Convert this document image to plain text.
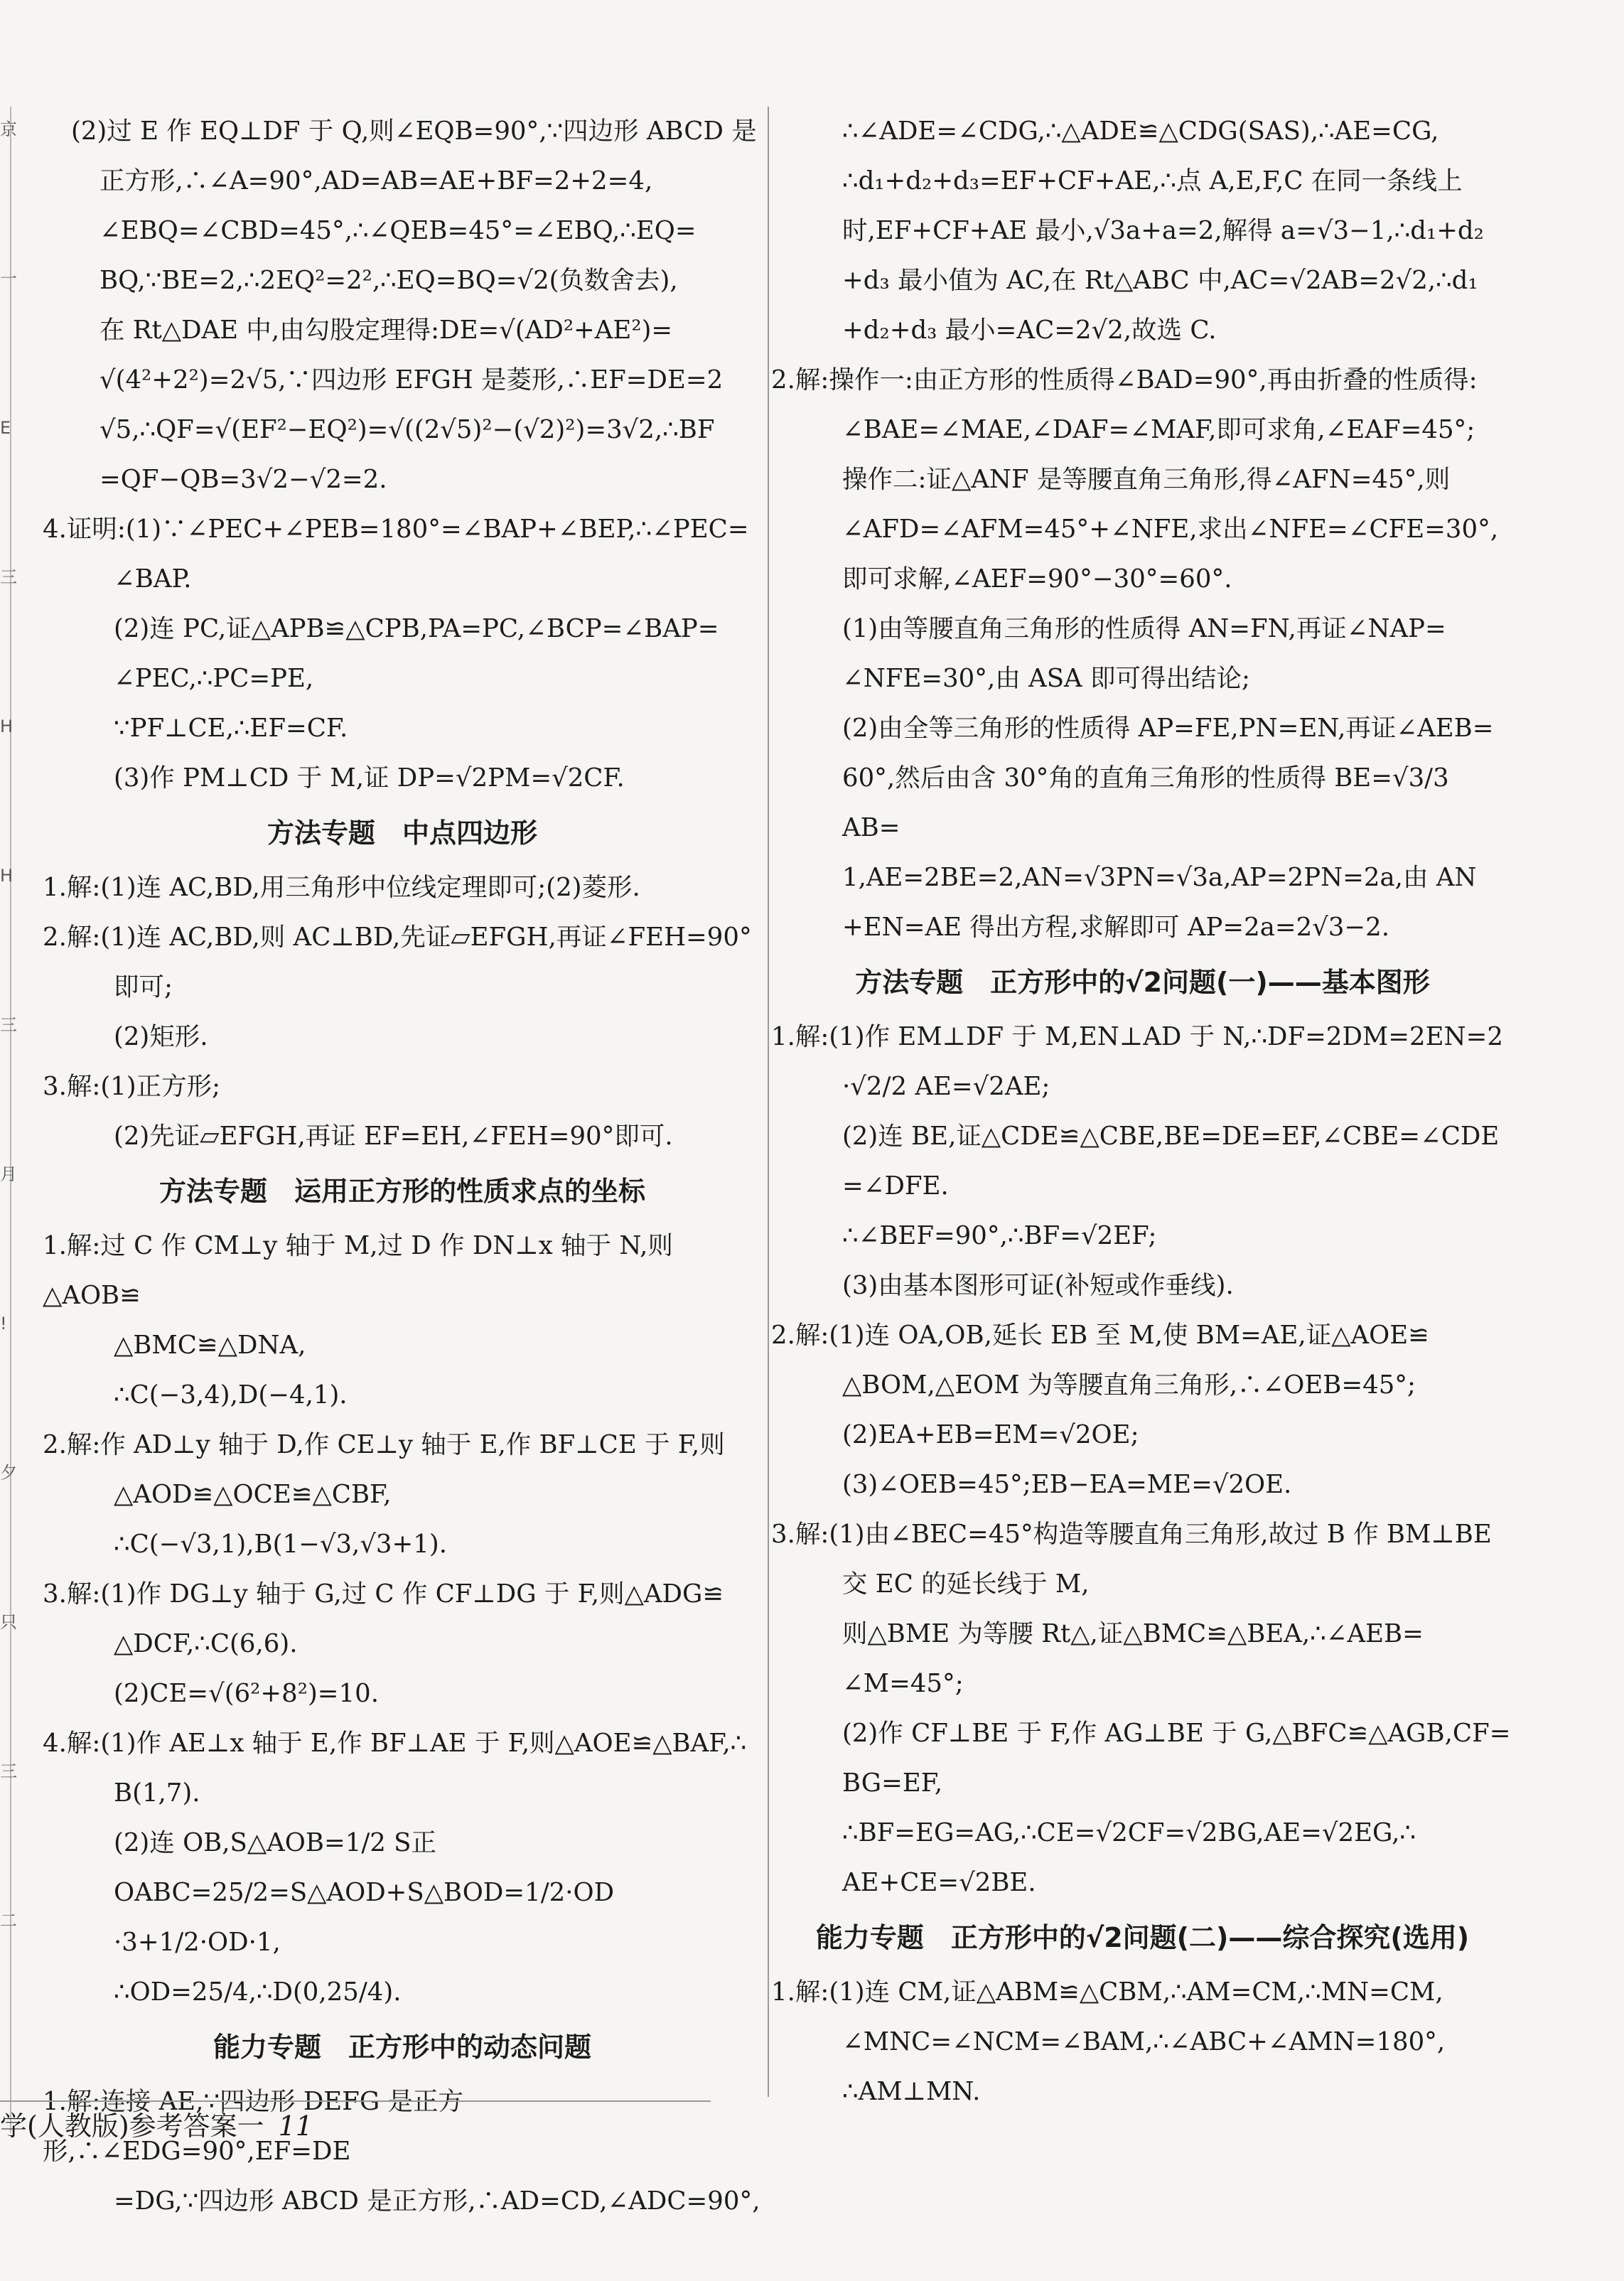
京
一
E
三
H
H
三
月
!
夕
只
三
二

(2)过 E 作 EQ⊥DF 于 Q,则∠EQB=90°,∵四边形 ABCD 是

正方形,∴∠A=90°,AD=AB=AE+BF=2+2=4,

∠EBQ=∠CBD=45°,∴∠QEB=45°=∠EBQ,∴EQ=

BQ,∵BE=2,∴2EQ²=2²,∴EQ=BQ=√2(负数舍去),

在 Rt△DAE 中,由勾股定理得:DE=√(AD²+AE²)=

√(4²+2²)=2√5,∵四边形 EFGH 是菱形,∴EF=DE=2

√5,∴QF=√(EF²−EQ²)=√((2√5)²−(√2)²)=3√2,∴BF

=QF−QB=3√2−√2=2.

4.证明:(1)∵∠PEC+∠PEB=180°=∠BAP+∠BEP,∴∠PEC=

∠BAP.

(2)连 PC,证△APB≌△CPB,PA=PC,∠BCP=∠BAP=

∠PEC,∴PC=PE,

∵PF⊥CE,∴EF=CF.

(3)作 PM⊥CD 于 M,证 DP=√2PM=√2CF.

方法专题　中点四边形

1.解:(1)连 AC,BD,用三角形中位线定理即可;(2)菱形.

2.解:(1)连 AC,BD,则 AC⊥BD,先证▱EFGH,再证∠FEH=90°

即可;

(2)矩形.

3.解:(1)正方形;

(2)先证▱EFGH,再证 EF=EH,∠FEH=90°即可.

方法专题　运用正方形的性质求点的坐标

1.解:过 C 作 CM⊥y 轴于 M,过 D 作 DN⊥x 轴于 N,则△AOB≌

△BMC≌△DNA,

∴C(−3,4),D(−4,1).

2.解:作 AD⊥y 轴于 D,作 CE⊥y 轴于 E,作 BF⊥CE 于 F,则

△AOD≌△OCE≌△CBF,

∴C(−√3,1),B(1−√3,√3+1).

3.解:(1)作 DG⊥y 轴于 G,过 C 作 CF⊥DG 于 F,则△ADG≌

△DCF,∴C(6,6).

(2)CE=√(6²+8²)=10.

4.解:(1)作 AE⊥x 轴于 E,作 BF⊥AE 于 F,则△AOE≌△BAF,∴

B(1,7).

(2)连 OB,S△AOB=1/2 S正OABC=25/2=S△AOD+S△BOD=1/2·OD

·3+1/2·OD·1,

∴OD=25/4,∴D(0,25/4).

能力专题　正方形中的动态问题

1.解:连接 AE,∵四边形 DEFG 是正方形,∴∠EDG=90°,EF=DE

=DG,∵四边形 ABCD 是正方形,∴AD=CD,∠ADC=90°,

∴∠ADE=∠CDG,∴△ADE≌△CDG(SAS),∴AE=CG,

∴d₁+d₂+d₃=EF+CF+AE,∴点 A,E,F,C 在同一条线上

时,EF+CF+AE 最小,√3a+a=2,解得 a=√3−1,∴d₁+d₂

+d₃ 最小值为 AC,在 Rt△ABC 中,AC=√2AB=2√2,∴d₁

+d₂+d₃ 最小=AC=2√2,故选 C.

2.解:操作一:由正方形的性质得∠BAD=90°,再由折叠的性质得:

∠BAE=∠MAE,∠DAF=∠MAF,即可求角,∠EAF=45°;

操作二:证△ANF 是等腰直角三角形,得∠AFN=45°,则

∠AFD=∠AFM=45°+∠NFE,求出∠NFE=∠CFE=30°,

即可求解,∠AEF=90°−30°=60°.

(1)由等腰直角三角形的性质得 AN=FN,再证∠NAP=

∠NFE=30°,由 ASA 即可得出结论;

(2)由全等三角形的性质得 AP=FE,PN=EN,再证∠AEB=

60°,然后由含 30°角的直角三角形的性质得 BE=√3/3 AB=

1,AE=2BE=2,AN=√3PN=√3a,AP=2PN=2a,由 AN

+EN=AE 得出方程,求解即可 AP=2a=2√3−2.

方法专题　正方形中的√2问题(一)——基本图形

1.解:(1)作 EM⊥DF 于 M,EN⊥AD 于 N,∴DF=2DM=2EN=2

·√2/2 AE=√2AE;

(2)连 BE,证△CDE≌△CBE,BE=DE=EF,∠CBE=∠CDE

=∠DFE.

∴∠BEF=90°,∴BF=√2EF;

(3)由基本图形可证(补短或作垂线).

2.解:(1)连 OA,OB,延长 EB 至 M,使 BM=AE,证△AOE≌

△BOM,△EOM 为等腰直角三角形,∴∠OEB=45°;

(2)EA+EB=EM=√2OE;

(3)∠OEB=45°;EB−EA=ME=√2OE.

3.解:(1)由∠BEC=45°构造等腰直角三角形,故过 B 作 BM⊥BE

交 EC 的延长线于 M,

则△BME 为等腰 Rt△,证△BMC≌△BEA,∴∠AEB=

∠M=45°;

(2)作 CF⊥BE 于 F,作 AG⊥BE 于 G,△BFC≌△AGB,CF=

BG=EF,

∴BF=EG=AG,∴CE=√2CF=√2BG,AE=√2EG,∴

AE+CE=√2BE.

能力专题　正方形中的√2问题(二)——综合探究(选用)

1.解:(1)连 CM,证△ABM≌△CBM,∴AM=CM,∴MN=CM,

∠MNC=∠NCM=∠BAM,∴∠ABC+∠AMN=180°,

∴AM⊥MN.

学(人教版)参考答案一 11
